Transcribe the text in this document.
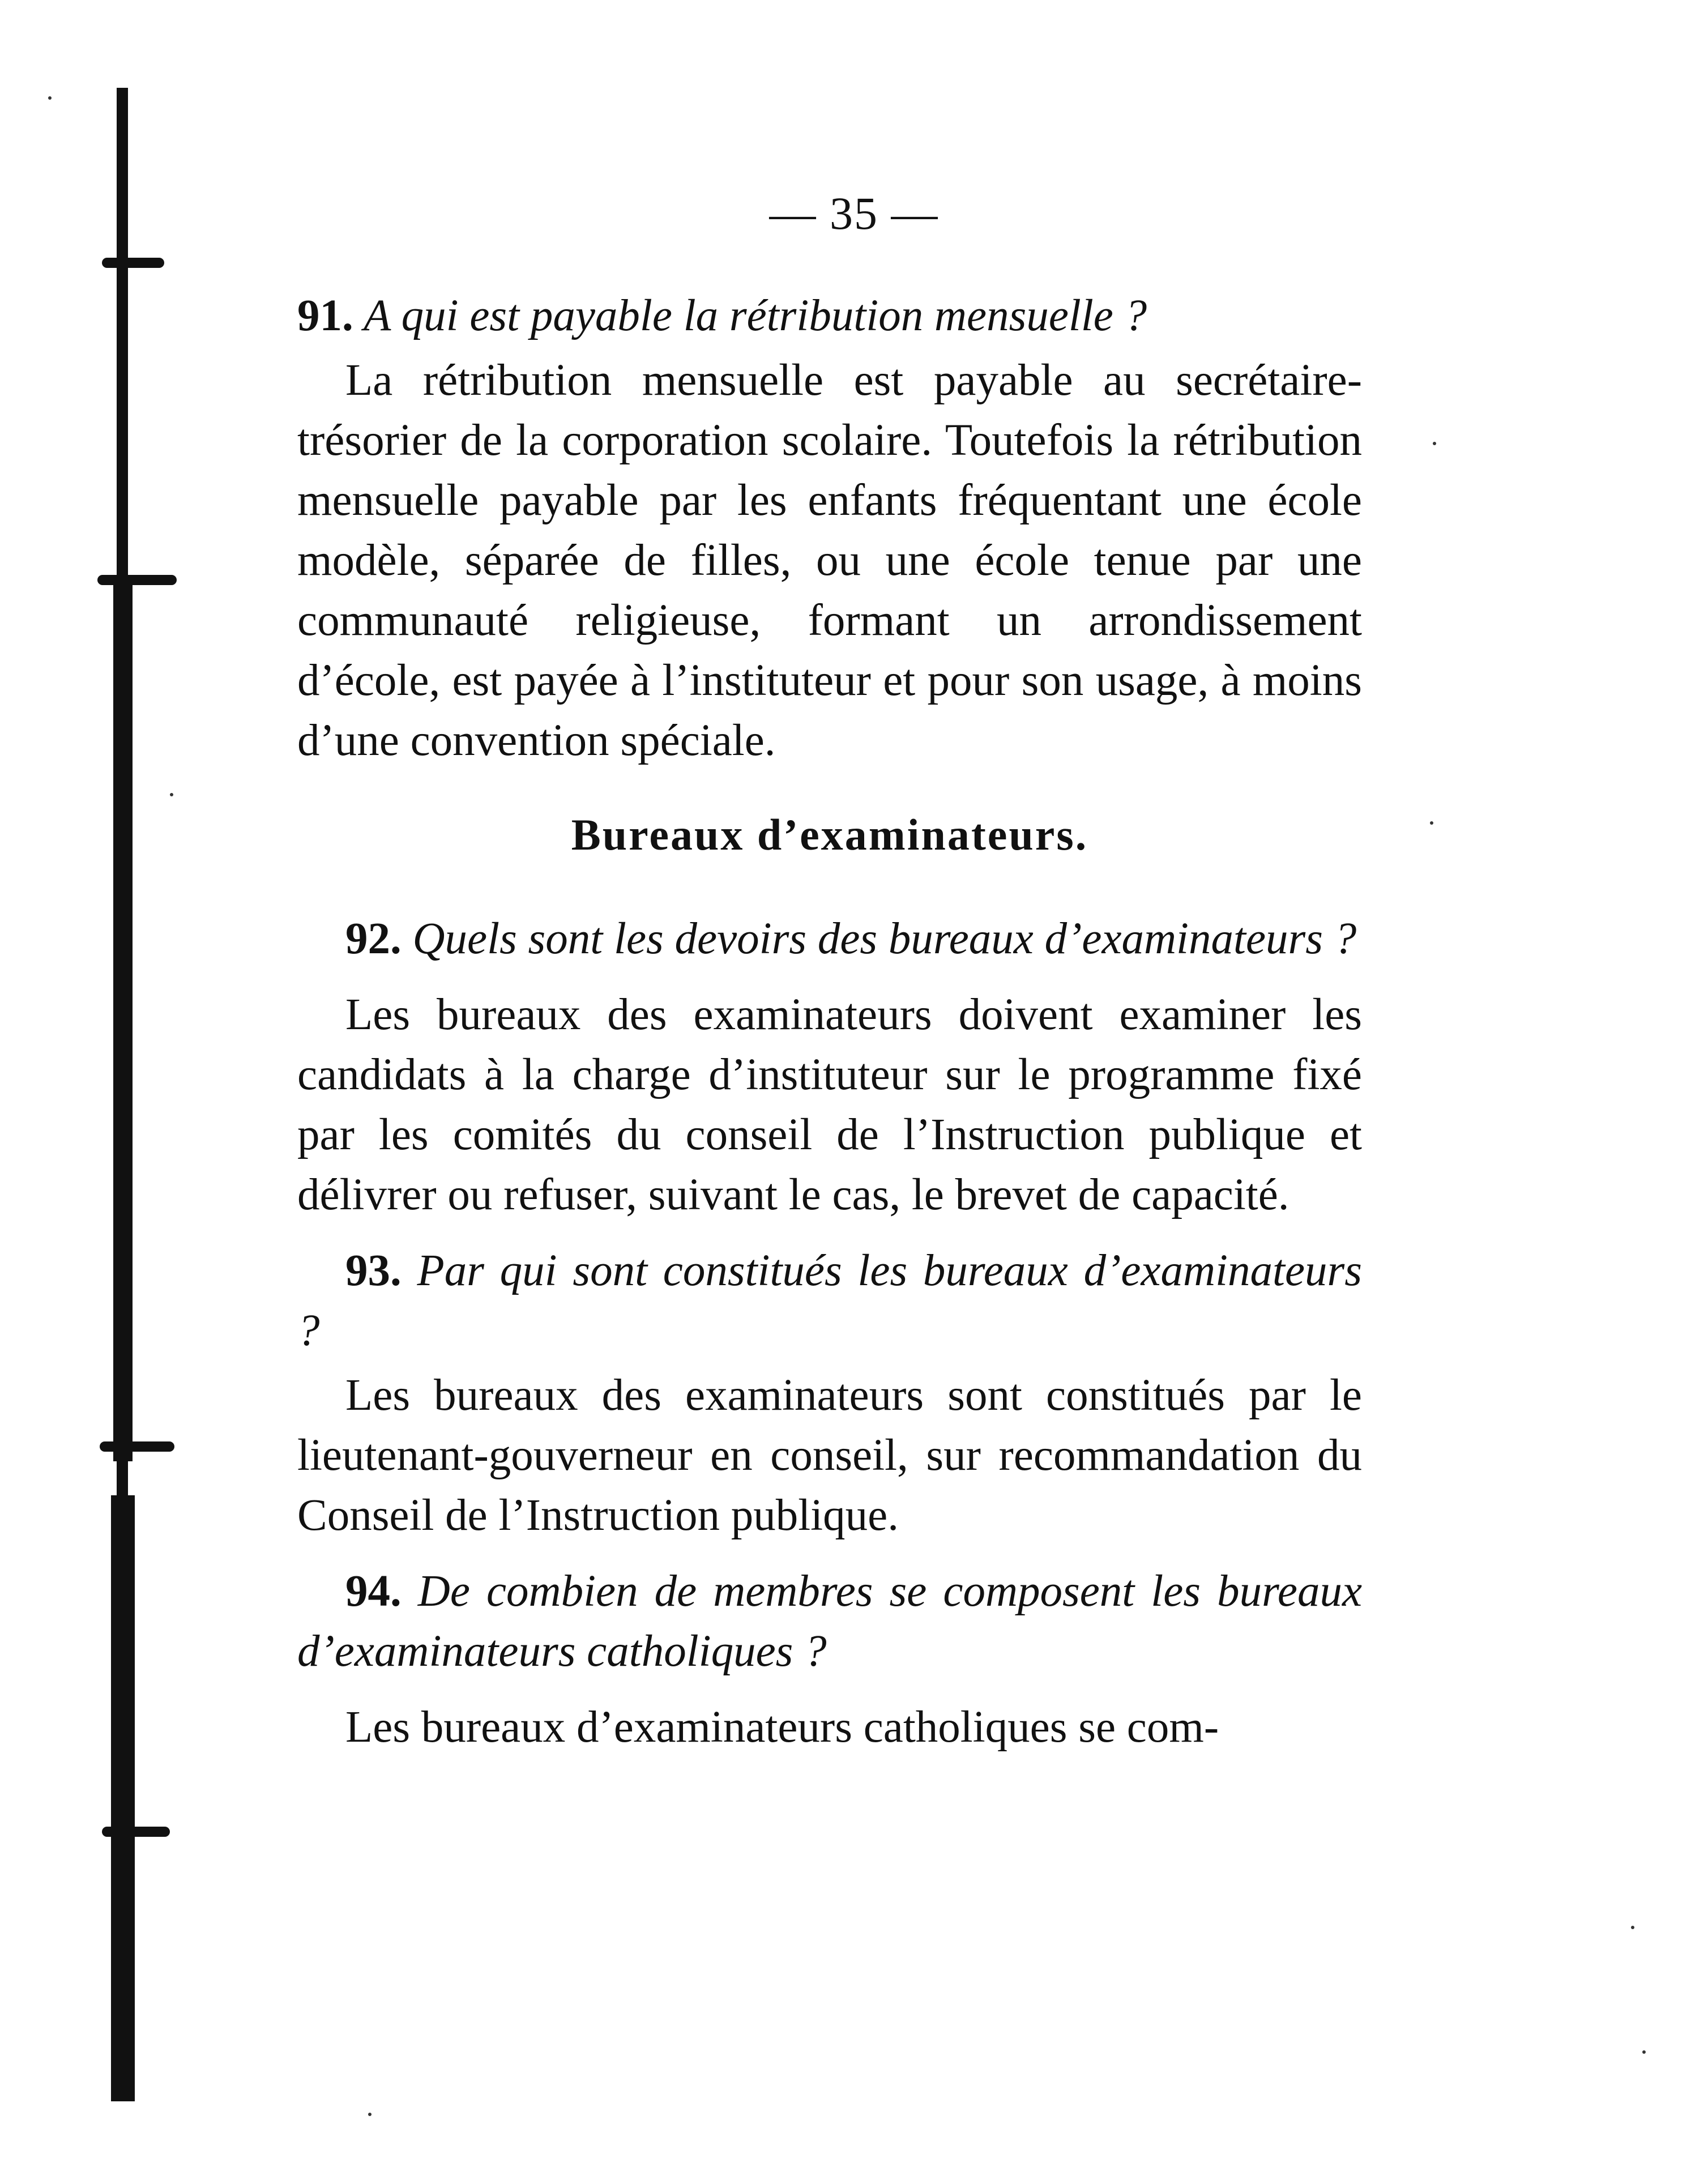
— 35 —

91. A qui est payable la rétribution mensuelle ?

La rétribution mensuelle est payable au secrétaire-trésorier de la corporation scolaire. Toutefois la rétribution mensuelle payable par les enfants fréquentant une école modèle, séparée de filles, ou une école tenue par une communauté religieuse, formant un arrondissement d’école, est payée à l’instituteur et pour son usage, à moins d’une convention spéciale.

Bureaux d’examinateurs.

92. Quels sont les devoirs des bureaux d’examinateurs ?

Les bureaux des examinateurs doivent examiner les candidats à la charge d’instituteur sur le programme fixé par les comités du conseil de l’Instruction publique et délivrer ou refuser, suivant le cas, le brevet de capacité.

93. Par qui sont constitués les bureaux d’examinateurs ?

Les bureaux des examinateurs sont constitués par le lieutenant-gouverneur en conseil, sur recommandation du Conseil de l’Instruction publique.

94. De combien de membres se composent les bureaux d’examinateurs catholiques ?

Les bureaux d’examinateurs catholiques se com-
